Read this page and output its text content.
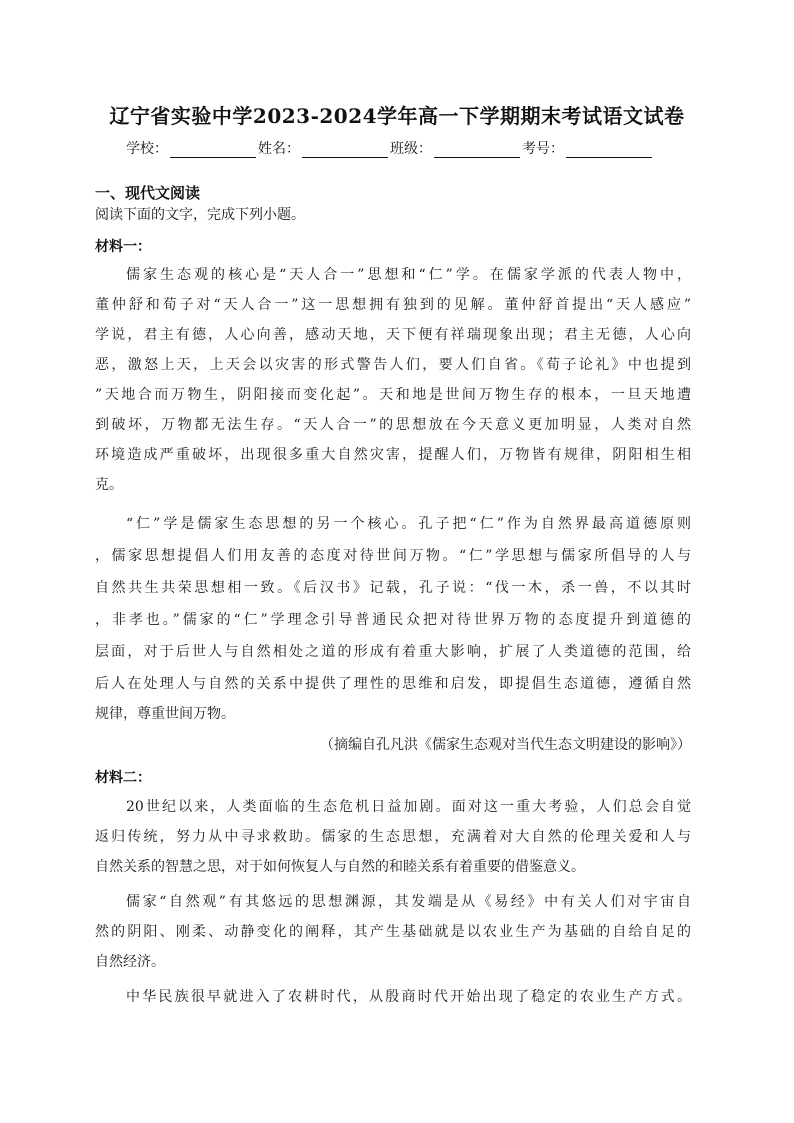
辽宁省实验中学2023-2024学年高一下学期期末考试语文试卷
学校：	姓名：	班级：	考号：
一、现代文阅读
阅读下面的文字，完成下列小题。
材料一：
儒家生态观的核心是“天人合一”思想和“仁”学。在儒家学派的代表人物中，
董仲舒和荀子对“天人合一”这一思想拥有独到的见解。董仲舒首提出“天人感应”
学说，君主有德，人心向善，感动天地，天下便有祥瑞现象出现；君主无德，人心向
恶，激怒上天，上天会以灾害的形式警告人们，要人们自省。《荀子论礼》中也提到
”天地合而万物生，阴阳接而变化起”。天和地是世间万物生存的根本，一旦天地遭
到破坏，万物都无法生存。“天人合一”的思想放在今天意义更加明显，人类对自然
环境造成严重破坏，出现很多重大自然灾害，提醒人们，万物皆有规律，阴阳相生相
克。
“仁”学是儒家生态思想的另一个核心。孔子把“仁”作为自然界最高道德原则
，儒家思想提倡人们用友善的态度对待世间万物。“仁”学思想与儒家所倡导的人与
自然共生共荣思想相一致。《后汉书》记载，孔子说：“伐一木，杀一兽，不以其时
，非孝也。”儒家的“仁”学理念引导普通民众把对待世界万物的态度提升到道德的
层面，对于后世人与自然相处之道的形成有着重大影响，扩展了人类道德的范围，给
后人在处理人与自然的关系中提供了理性的思维和启发，即提倡生态道德，遵循自然
规律，尊重世间万物。
（摘编自孔凡洪《儒家生态观对当代生态文明建设的影响》）
材料二：
20世纪以来，人类面临的生态危机日益加剧。面对这一重大考验，人们总会自觉
返归传统，努力从中寻求救助。儒家的生态思想，充满着对大自然的伦理关爱和人与
自然关系的智慧之思，对于如何恢复人与自然的和睦关系有着重要的借鉴意义。
儒家“自然观”有其悠远的思想渊源，其发端是从《易经》中有关人们对宇宙自
然的阴阳、刚柔、动静变化的阐释，其产生基础就是以农业生产为基础的自给自足的
自然经济。
中华民族很早就进入了农耕时代，从殷商时代开始出现了稳定的农业生产方式。
